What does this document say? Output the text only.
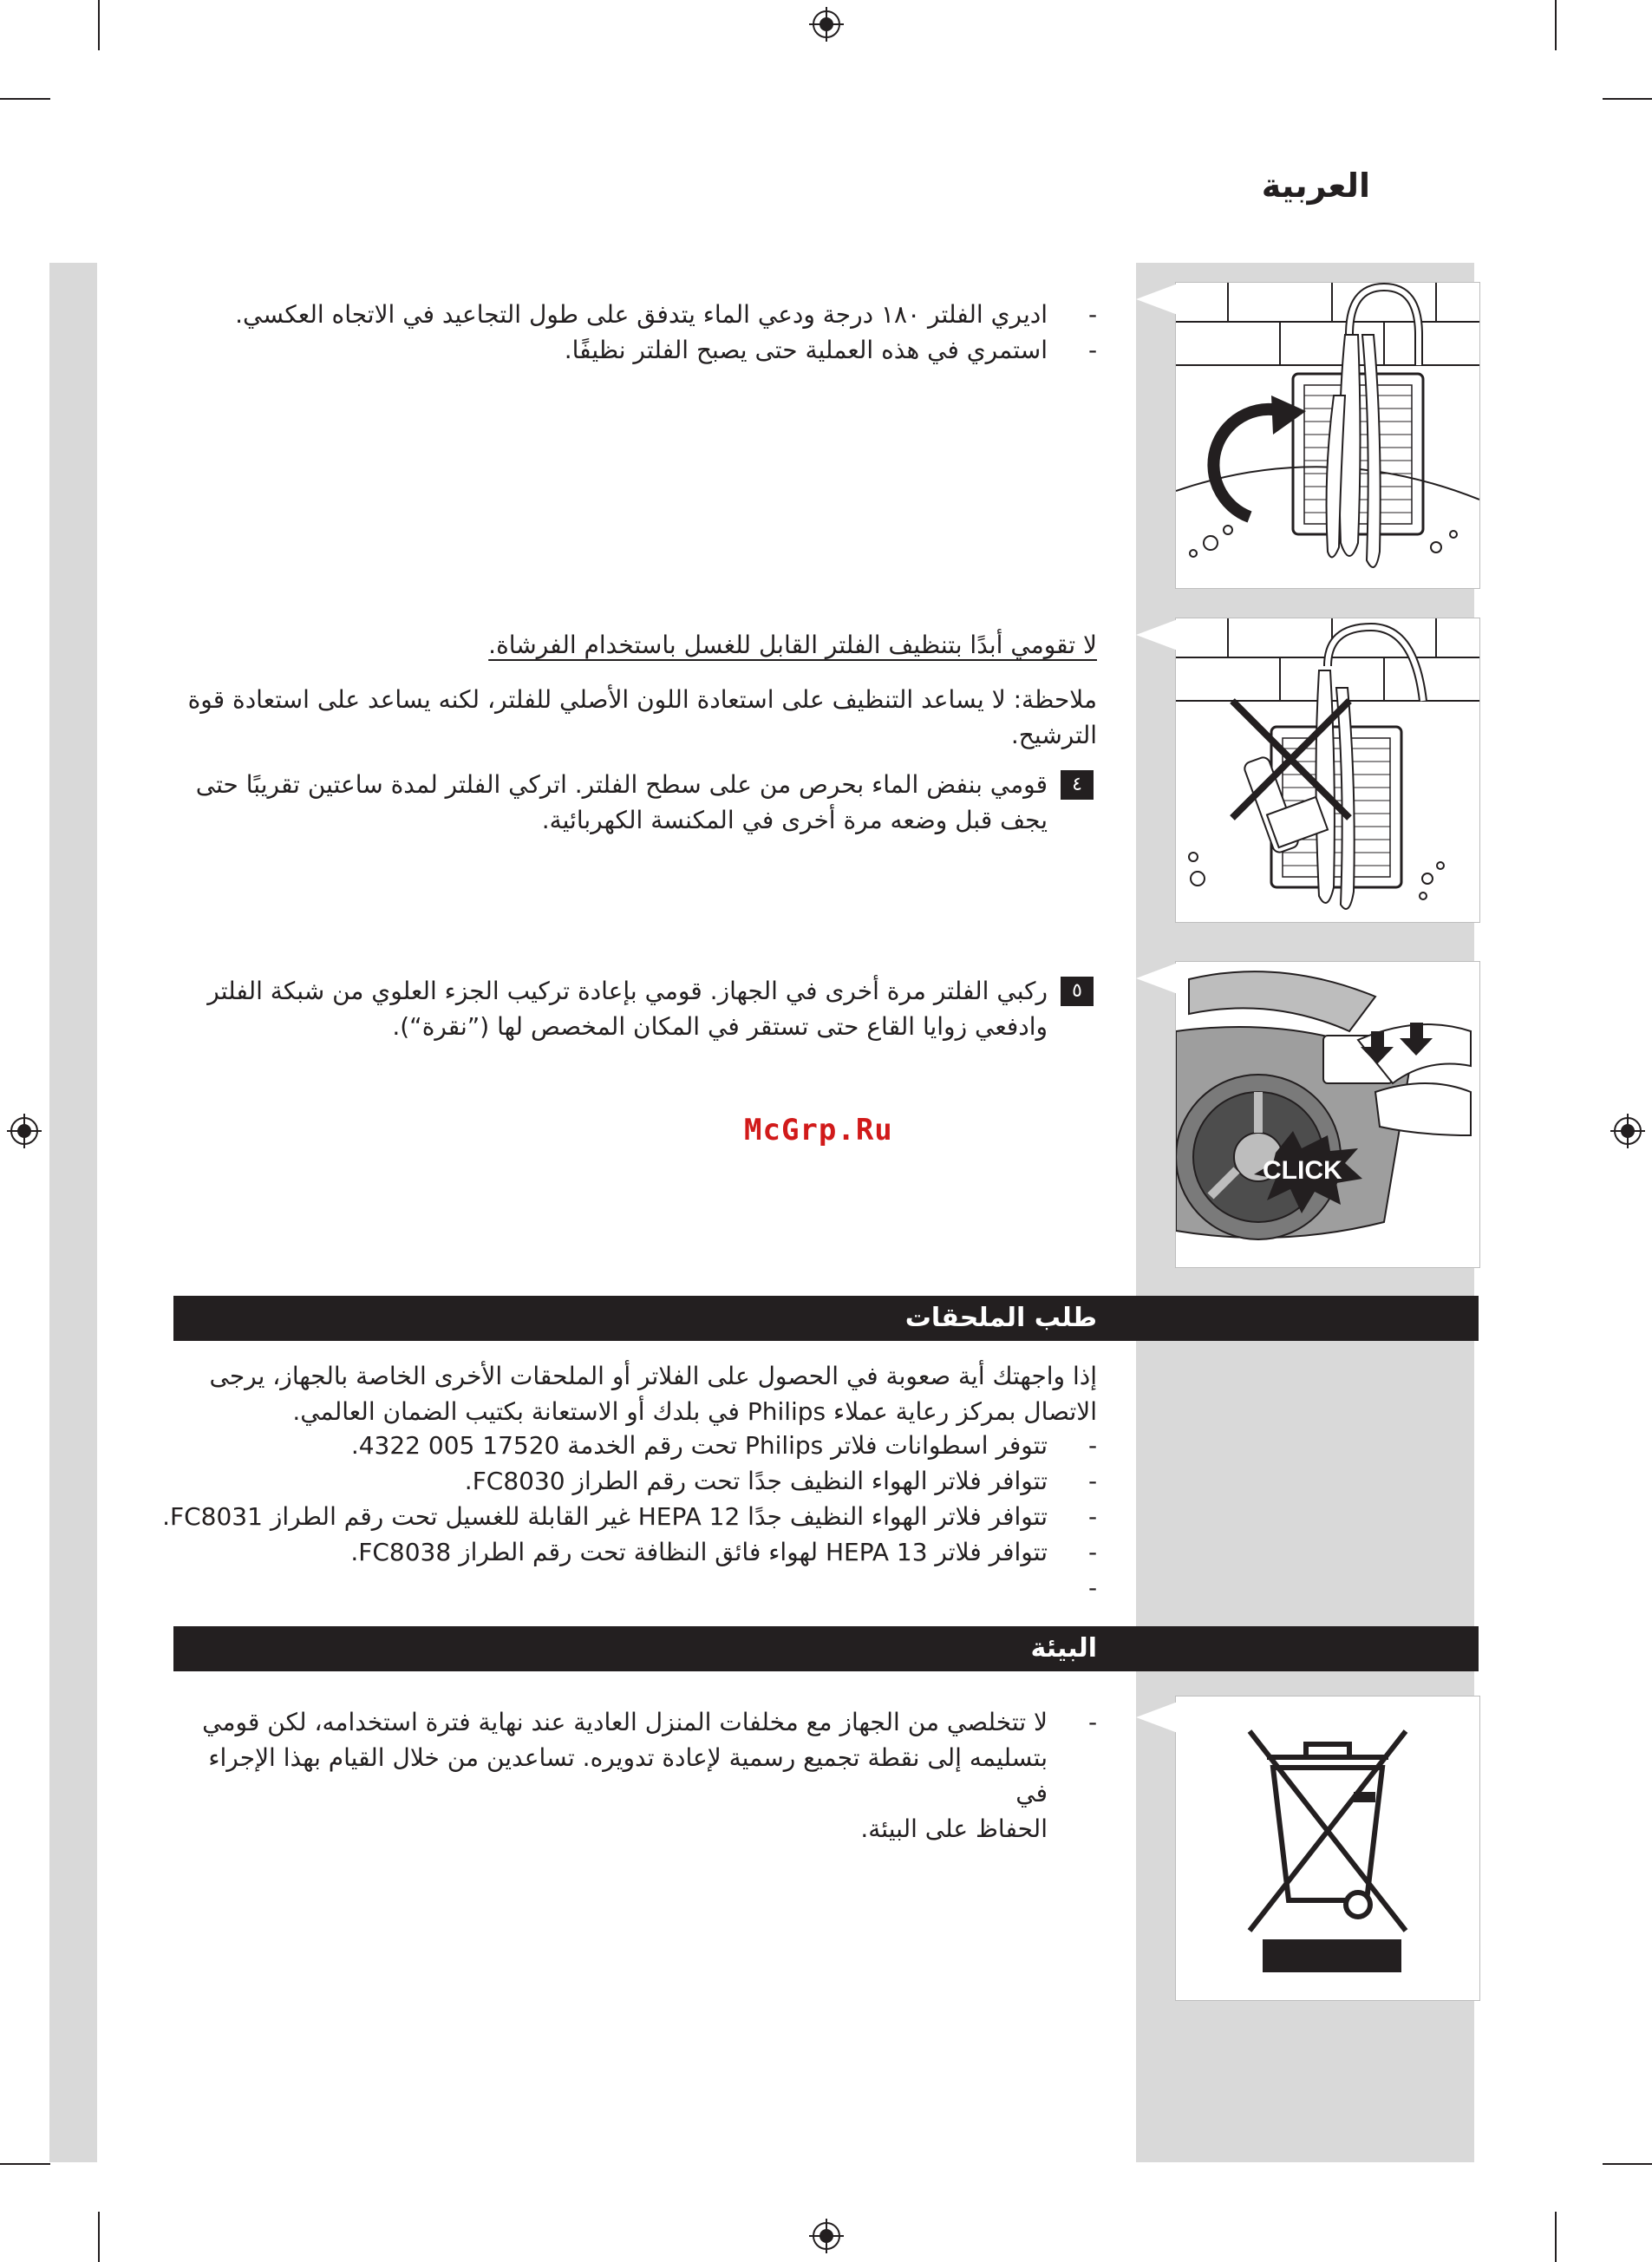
العربية
-
اديري الفلتر ١٨٠ درجة ودعي الماء يتدفق على طول التجاعيد في الاتجاه العكسي.
-
استمري في هذه العملية حتى يصبح الفلتر نظيفًا.
لا تقومي أبدًا بتنظيف الفلتر القابل للغسل باستخدام الفرشاة.
ملاحظة: لا يساعد التنظيف على استعادة اللون الأصلي للفلتر، لكنه يساعد على استعادة قوة
الترشيح.
٤
قومي بنفض الماء بحرص من على سطح الفلتر. اتركي الفلتر لمدة ساعتين تقريبًا حتى
يجف قبل وضعه مرة أخرى في المكنسة الكهربائية.
٥
ركبي الفلتر مرة أخرى في الجهاز. قومي بإعادة تركيب الجزء العلوي من شبكة الفلتر
وادفعي زوايا القاع حتى تستقر في المكان المخصص لها (”نقرة“).
McGrp.Ru
CLICK
طلب الملحقات
إذا واجهتك أية صعوبة في الحصول على الفلاتر أو الملحقات الأخرى الخاصة بالجهاز، يرجى
الاتصال بمركز رعاية عملاء Philips في بلدك أو الاستعانة بكتيب الضمان العالمي.
-
تتوفر اسطوانات فلاتر Philips تحت رقم الخدمة 17520 005 4322.
-
تتوافر فلاتر الهواء النظيف جدًا تحت رقم الطراز FC8030.
-
تتوافر فلاتر الهواء النظيف جدًا HEPA 12 غير القابلة للغسيل تحت رقم الطراز FC8031.
-
تتوافر فلاتر HEPA 13 لهواء فائق النظافة تحت رقم الطراز FC8038.
-
البيئة
-
لا تتخلصي من الجهاز مع مخلفات المنزل العادية عند نهاية فترة استخدامه، لكن قومي
بتسليمه إلى نقطة تجميع رسمية لإعادة تدويره. تساعدين من خلال القيام بهذا الإجراء في
الحفاظ على البيئة.
